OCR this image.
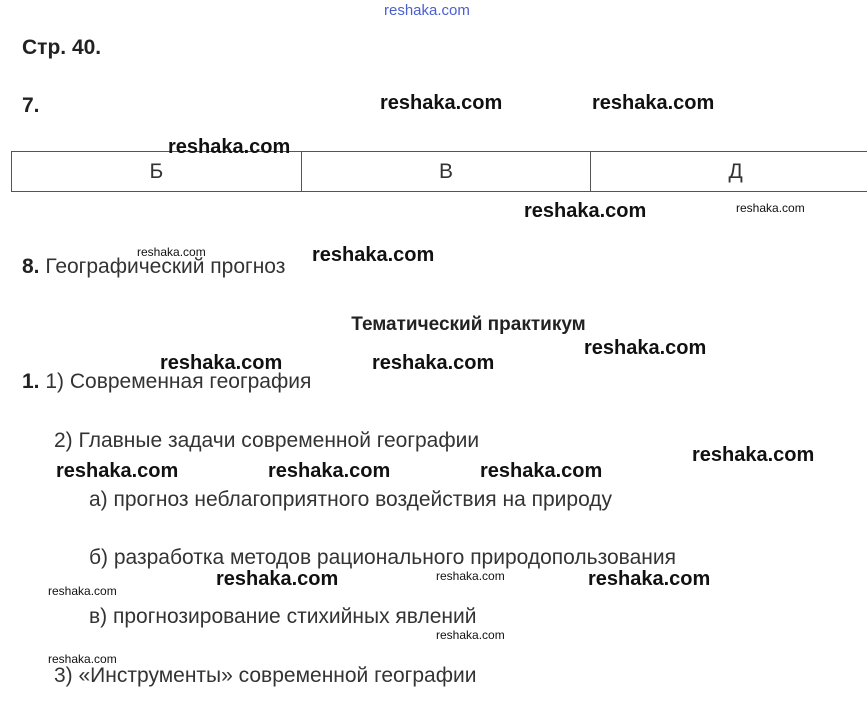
reshaka.com
Стр. 40.
7.
Б	В	Д
8. Географический прогноз
Тематический практикум
1. 1) Современная география
2) Главные задачи современной географии
а) прогноз неблагоприятного воздействия на природу
б) разработка методов рационального природопользования
в) прогнозирование стихийных явлений
3) «Инструменты» современной географии
reshaka.com	reshaka.com
reshaka.com
reshaka.com	reshaka.com
reshaka.com	reshaka.com
reshaka.com	reshaka.com
reshaka.com
reshaka.com	reshaka.com	reshaka.com
reshaka.com
reshaka.com
reshaka.com	reshaka.com	reshaka.com
reshaka.com
reshaka.com
